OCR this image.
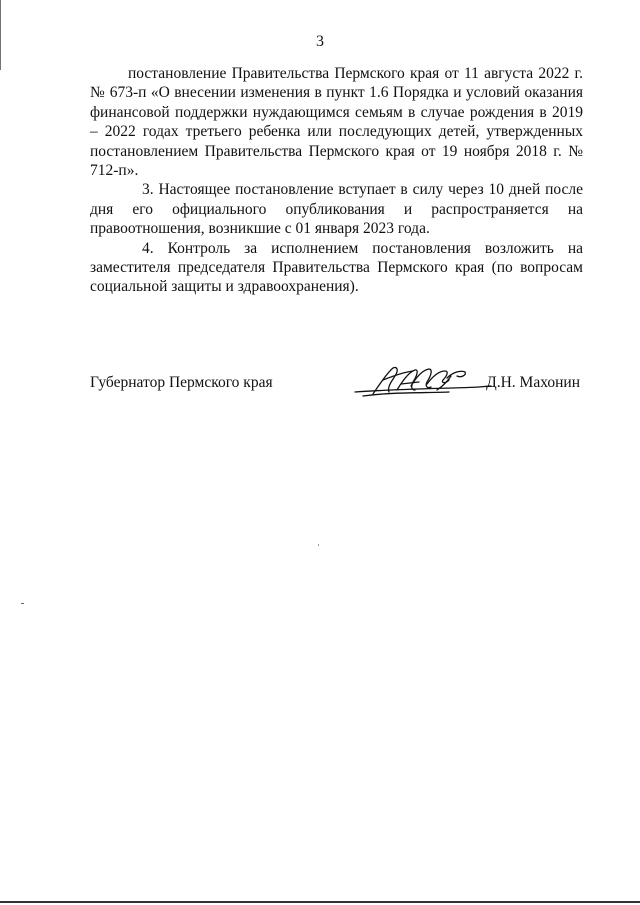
3

постановление Правительства Пермского края от 11 августа 2022 г. № 673-п «О внесении изменения в пункт 1.6 Порядка и условий оказания финансовой поддержки нуждающимся семьям в случае рождения в 2019 – 2022 годах третьего ребенка или последующих детей, утвержденных постановлением Правительства Пермского края от 19 ноября 2018 г. № 712-п».

3. Настоящее постановление вступает в силу через 10 дней после дня его официального опубликования и распространяется на правоотношения, возникшие с 01 января 2023 года.

4. Контроль за исполнением постановления возложить на заместителя председателя Правительства Пермского края (по вопросам социальной защиты и здравоохранения).

Губернатор Пермского края	Д.Н. Махонин
